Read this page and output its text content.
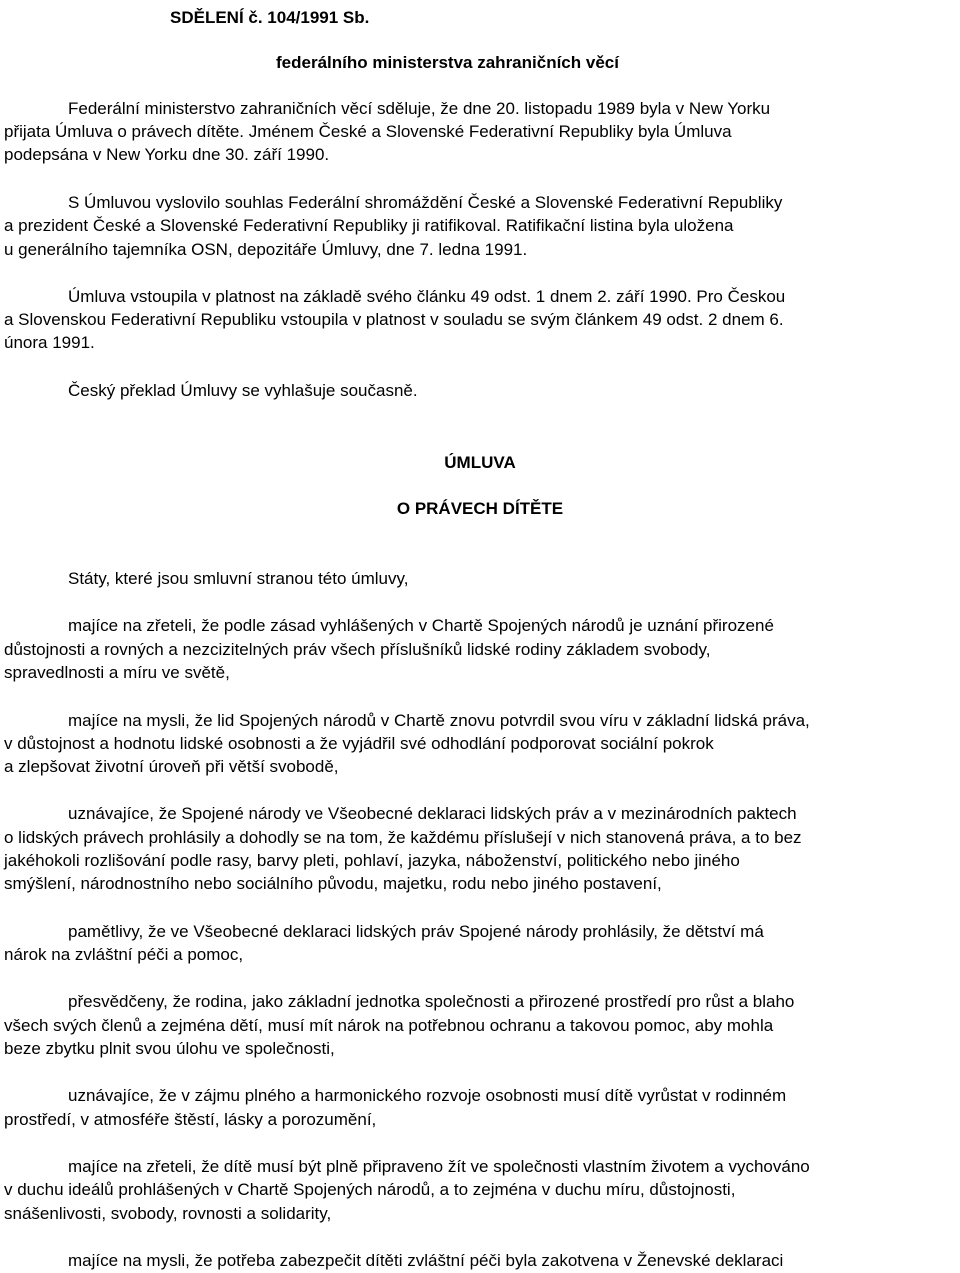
SDĚLENÍ č. 104/1991 Sb.
federálního ministerstva zahraničních věcí
Federální ministerstvo zahraničních věcí sděluje, že dne 20. listopadu 1989 byla v New Yorku
přijata Úmluva o právech dítěte. Jménem České a Slovenské Federativní Republiky byla Úmluva
podepsána v New Yorku dne 30. září 1990.
S Úmluvou vyslovilo souhlas Federální shromáždění České a Slovenské Federativní Republiky
a prezident České a Slovenské Federativní Republiky ji ratifikoval. Ratifikační listina byla uložena
u generálního tajemníka OSN, depozitáře Úmluvy, dne 7. ledna 1991.
Úmluva vstoupila v platnost na základě svého článku 49 odst. 1 dnem 2. září 1990. Pro Českou
a Slovenskou Federativní Republiku vstoupila v platnost v souladu se svým článkem 49 odst. 2 dnem 6.
února 1991.
Český překlad Úmluvy se vyhlašuje současně.
ÚMLUVA
O PRÁVECH DÍTĚTE
Státy, které jsou smluvní stranou této úmluvy,
majíce na zřeteli, že podle zásad vyhlášených v Chartě Spojených národů je uznání přirozené
důstojnosti a rovných a nezcizitelných práv všech příslušníků lidské rodiny základem svobody,
spravedlnosti a míru ve světě,
majíce na mysli, že lid Spojených národů v Chartě znovu potvrdil svou víru v základní lidská práva,
v důstojnost a hodnotu lidské osobnosti a že vyjádřil své odhodlání podporovat sociální pokrok
a zlepšovat životní úroveň při větší svobodě,
uznávajíce, že Spojené národy ve Všeobecné deklaraci lidských práv a v mezinárodních paktech
o lidských právech prohlásily a dohodly se na tom, že každému příslušejí v nich stanovená práva, a to bez
jakéhokoli rozlišování podle rasy, barvy pleti, pohlaví, jazyka, náboženství, politického nebo jiného
smýšlení, národnostního nebo sociálního původu, majetku, rodu nebo jiného postavení,
pamětlivy, že ve Všeobecné deklaraci lidských práv Spojené národy prohlásily, že dětství má
nárok na zvláštní péči a pomoc,
přesvědčeny, že rodina, jako základní jednotka společnosti a přirozené prostředí pro růst a blaho
všech svých členů a zejména dětí, musí mít nárok na potřebnou ochranu a takovou pomoc, aby mohla
beze zbytku plnit svou úlohu ve společnosti,
uznávajíce, že v zájmu plného a harmonického rozvoje osobnosti musí dítě vyrůstat v rodinném
prostředí, v atmosféře štěstí, lásky a porozumění,
majíce na zřeteli, že dítě musí být plně připraveno žít ve společnosti vlastním životem a vychováno
v duchu ideálů prohlášených v Chartě Spojených národů, a to zejména v duchu míru, důstojnosti,
snášenlivosti, svobody, rovnosti a solidarity,
majíce na mysli, že potřeba zabezpečit dítěti zvláštní péči byla zakotvena v Ženevské deklaraci
